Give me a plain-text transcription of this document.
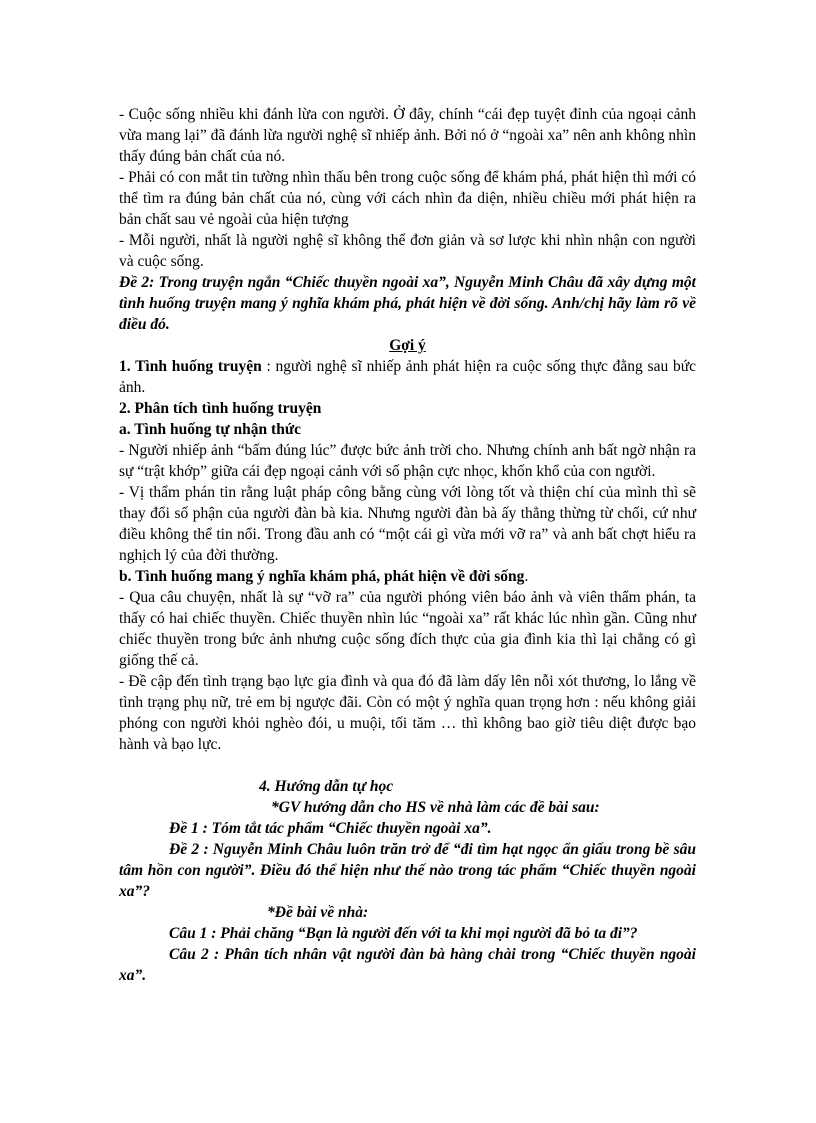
- Cuộc sống nhiều khi đánh lừa con người. Ở đây, chính “cái đẹp tuyệt đỉnh của ngoại cảnh vừa mang lại” đã đánh lừa người nghệ sĩ nhiếp ảnh. Bởi nó ở “ngoài xa” nên anh không nhìn thấy đúng bản chất của nó.

- Phải có con mắt tin tường nhìn thấu bên trong cuộc sống để khám phá, phát hiện thì mới có thể tìm ra đúng bản chất của nó, cùng với cách nhìn đa diện, nhiều chiều mới phát hiện ra bản chất sau vẻ ngoài của hiện tượng

- Mỗi người, nhất là người nghệ sĩ không thể đơn giản và sơ lược khi nhìn nhận con người và cuộc sống.

Đề 2: Trong truyện ngắn “Chiếc thuyền ngoài xa”, Nguyễn Minh Châu đã xây dựng một tình huống truyện mang ý nghĩa khám phá, phát hiện về đời sống. Anh/chị hãy làm rõ về điều đó.

Gợi ý

1. Tình huống truyện : người nghệ sĩ nhiếp ảnh phát hiện ra cuộc sống thực đằng sau bức ảnh.

2. Phân tích tình huống truyện

a. Tình huống tự nhận thức

- Người nhiếp ảnh “bấm đúng lúc” được bức ảnh trời cho. Nhưng chính anh bất ngờ nhận ra sự “trật khớp” giữa cái đẹp ngoại cảnh với số phận cực nhọc, khốn khổ của con người.

- Vị thẩm phán tin rằng luật pháp công bằng cùng với lòng tốt và thiện chí của mình thì sẽ thay đổi số phận của người đàn bà kia. Nhưng người đàn bà ấy thẳng thừng từ chối, cứ như điều không thể tin nổi. Trong đầu anh có “một cái gì vừa mới vỡ ra” và anh bất chợt hiểu ra nghịch lý của đời thường.

b. Tình huống mang ý nghĩa khám phá, phát hiện về đời sống.

- Qua câu chuyện, nhất là sự “vỡ ra” của người phóng viên báo ảnh và viên thẩm phán, ta thấy có hai chiếc thuyền. Chiếc thuyền nhìn lúc “ngoài xa” rất khác lúc nhìn gần. Cũng như chiếc thuyền trong bức ảnh nhưng cuộc sống đích thực của gia đình kia thì lại chẳng có gì giống thế cả.

- Đề cập đến tình trạng bạo lực gia đình và qua đó đã làm dấy lên nỗi xót thương, lo lắng về tình trạng phụ nữ, trẻ em bị ngược đãi. Còn có một ý nghĩa quan trọng hơn : nếu không giải phóng con người khỏi nghèo đói, u muội, tối tăm … thì không bao giờ tiêu diệt được bạo hành và bạo lực.

4. Hướng dẫn tự học

*GV hướng dẫn cho HS về nhà làm các đề bài sau:

Đề 1 : Tóm tắt tác phẩm “Chiếc thuyền ngoài xa”.

Đề 2 : Nguyễn Minh Châu luôn trăn trở để “đi tìm hạt ngọc ẩn giấu trong bề sâu tâm hồn con người”. Điều đó thể hiện như thế nào trong tác phẩm “Chiếc thuyền ngoài xa”?

*Đề bài về nhà:

Câu 1 : Phải chăng “Bạn là người đến với ta khi mọi người đã bỏ ta đi”?

Câu 2 : Phân tích nhân vật người đàn bà hàng chài trong “Chiếc thuyền ngoài xa”.
